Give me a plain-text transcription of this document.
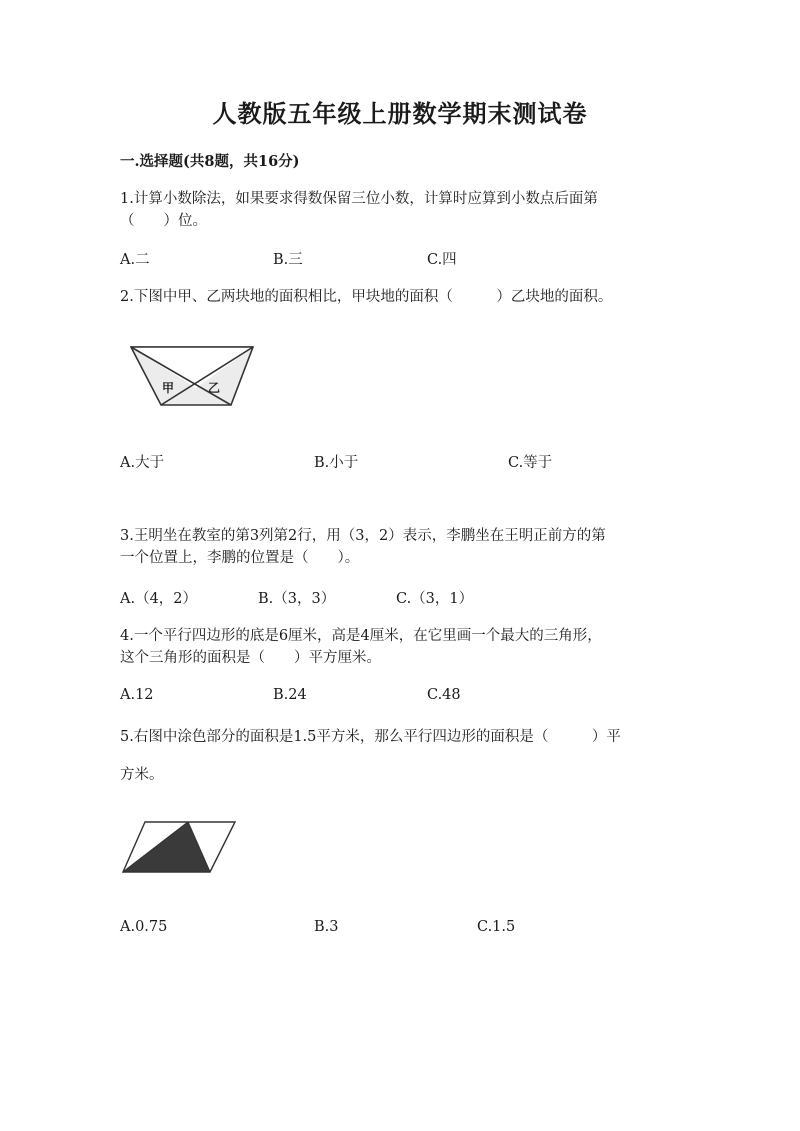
人教版五年级上册数学期末测试卷
一.选择题(共8题，共16分)
1.计算小数除法，如果要求得数保留三位小数，计算时应算到小数点后面第
（　　）位。
A.二	B.三	C.四
2.下图中甲、乙两块地的面积相比，甲块地的面积（　　　）乙块地的面积。
甲	乙
A.大于	B.小于	C.等于
3.王明坐在教室的第3列第2行，用（3，2）表示，李鹏坐在王明正前方的第
一个位置上，李鹏的位置是（　　）。
A.（4，2）	B.（3，3）	C.（3，1）
4.一个平行四边形的底是6厘米，高是4厘米，在它里画一个最大的三角形，
这个三角形的面积是（　　）平方厘米。
A.12	B.24	C.48
5.右图中涂色部分的面积是1.5平方米，那么平行四边形的面积是（　　　）平
方米。
A.0.75	B.3	C.1.5
